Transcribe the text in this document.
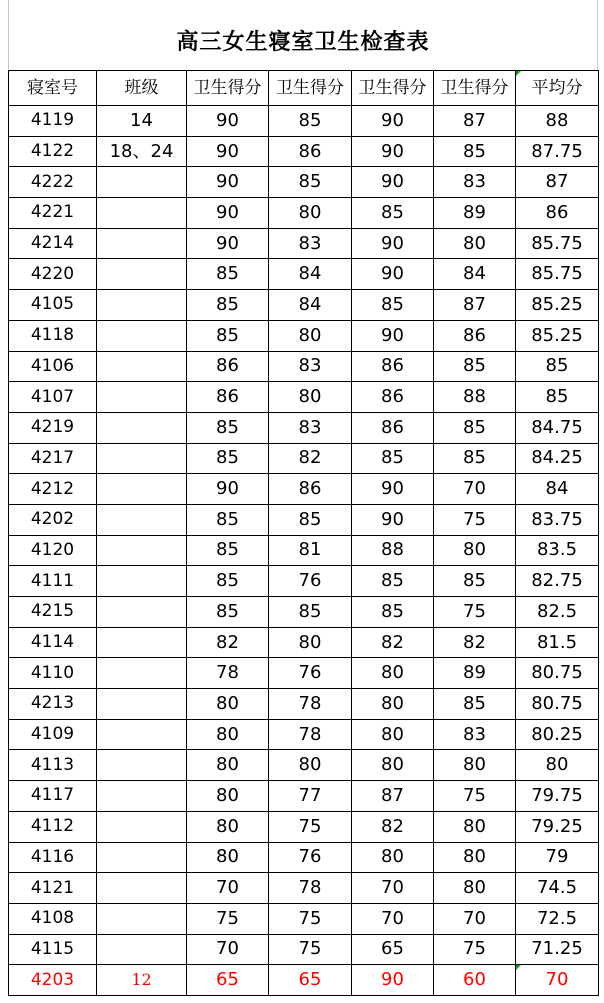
高三女生寝室卫生检查表
寝室号	班级	卫生得分	卫生得分	卫生得分	卫生得分	平均分

4119	14	90	85	90	87	88
4122	18、24	90	86	90	85	87.75
4222		90	85	90	83	87
4221		90	80	85	89	86
4214		90	83	90	80	85.75
4220		85	84	90	84	85.75
4105		85	84	85	87	85.25
4118		85	80	90	86	85.25
4106		86	83	86	85	85
4107		86	80	86	88	85
4219		85	83	86	85	84.75
4217		85	82	85	85	84.25
4212		90	86	90	70	84
4202		85	85	90	75	83.75
4120		85	81	88	80	83.5
4111		85	76	85	85	82.75
4215		85	85	85	75	82.5
4114		82	80	82	82	81.5
4110		78	76	80	89	80.75
4213		80	78	80	85	80.75
4109		80	78	80	83	80.25
4113		80	80	80	80	80
4117		80	77	87	75	79.75
4112		80	75	82	80	79.25
4116		80	76	80	80	79
4121		70	78	70	80	74.5
4108		75	75	70	70	72.5
4115		70	75	65	75	71.25
4203	12	65	65	90	60	70
